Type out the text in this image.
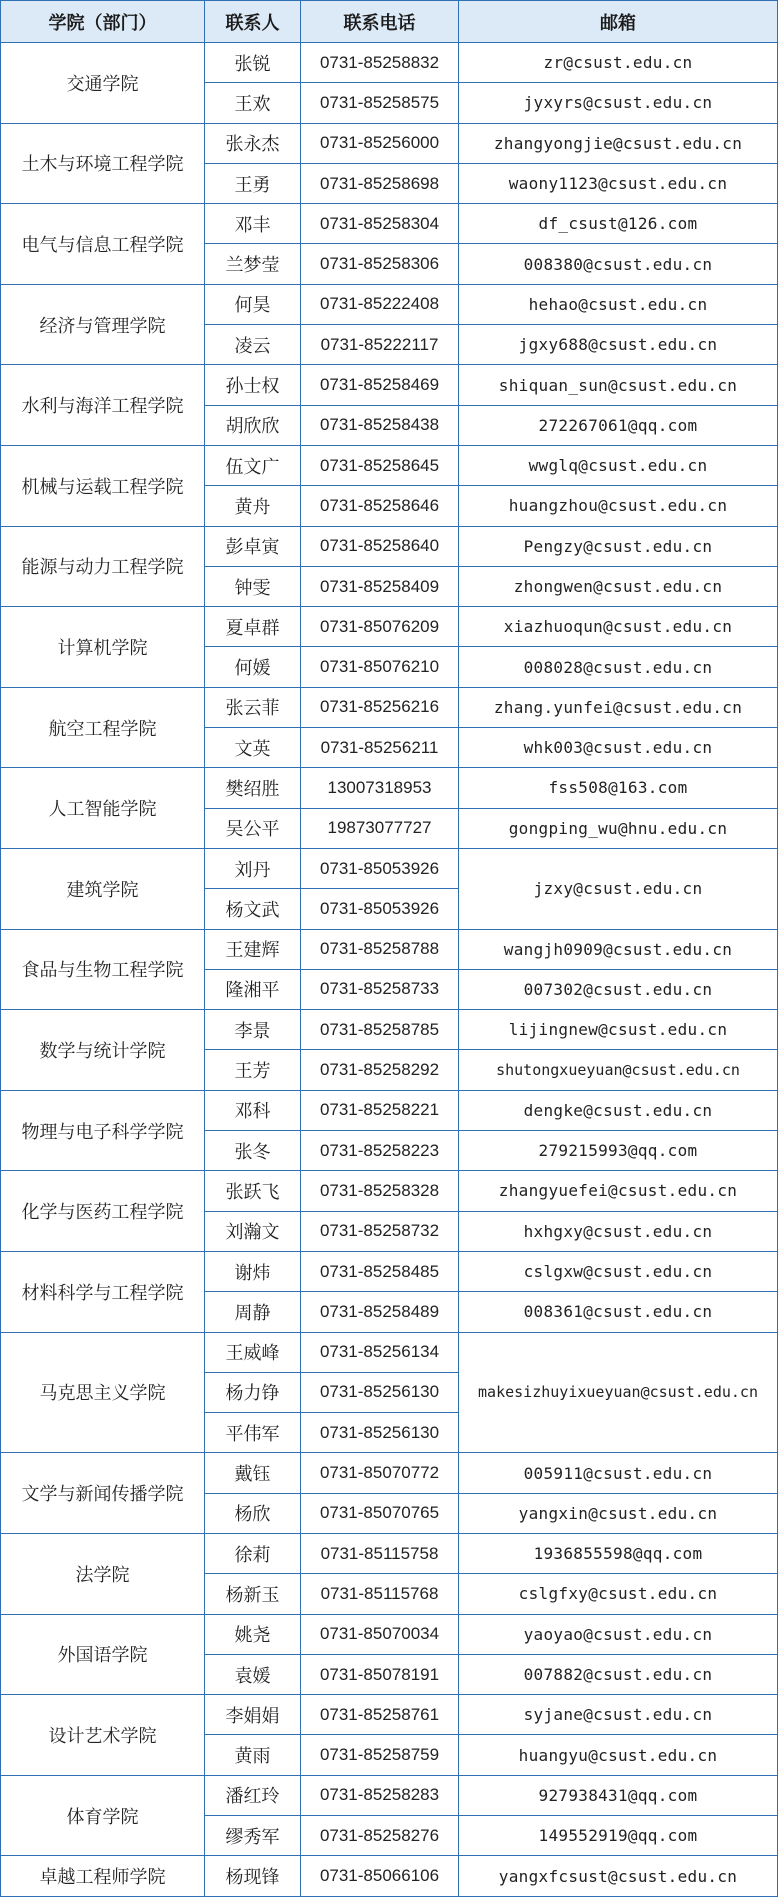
学院（部门）	联系人	联系电话	邮箱
交通学院	张锐	0731-85258832	zr@csust.edu.cn
	王欢	0731-85258575	jyxyrs@csust.edu.cn
土木与环境工程学院	张永杰	0731-85256000	zhangyongjie@csust.edu.cn
	王勇	0731-85258698	waony1123@csust.edu.cn
电气与信息工程学院	邓丰	0731-85258304	df_csust@126.com
	兰梦莹	0731-85258306	008380@csust.edu.cn
经济与管理学院	何昊	0731-85222408	hehao@csust.edu.cn
	凌云	0731-85222117	jgxy688@csust.edu.cn
水利与海洋工程学院	孙士权	0731-85258469	shiquan_sun@csust.edu.cn
	胡欣欣	0731-85258438	272267061@qq.com
机械与运载工程学院	伍文广	0731-85258645	wwglq@csust.edu.cn
	黄舟	0731-85258646	huangzhou@csust.edu.cn
能源与动力工程学院	彭卓寅	0731-85258640	Pengzy@csust.edu.cn
	钟雯	0731-85258409	zhongwen@csust.edu.cn
计算机学院	夏卓群	0731-85076209	xiazhuoqun@csust.edu.cn
	何媛	0731-85076210	008028@csust.edu.cn
航空工程学院	张云菲	0731-85256216	zhang.yunfei@csust.edu.cn
	文英	0731-85256211	whk003@csust.edu.cn
人工智能学院	樊绍胜	13007318953	fss508@163.com
	吴公平	19873077727	gongping_wu@hnu.edu.cn
建筑学院	刘丹	0731-85053926	jzxy@csust.edu.cn
	杨文武	0731-85053926	
食品与生物工程学院	王建辉	0731-85258788	wangjh0909@csust.edu.cn
	隆湘平	0731-85258733	007302@csust.edu.cn
数学与统计学院	李景	0731-85258785	lijingnew@csust.edu.cn
	王芳	0731-85258292	shutongxueyuan@csust.edu.cn
物理与电子科学学院	邓科	0731-85258221	dengke@csust.edu.cn
	张冬	0731-85258223	279215993@qq.com
化学与医药工程学院	张跃飞	0731-85258328	zhangyuefei@csust.edu.cn
	刘瀚文	0731-85258732	hxhgxy@csust.edu.cn
材料科学与工程学院	谢炜	0731-85258485	cslgxw@csust.edu.cn
	周静	0731-85258489	008361@csust.edu.cn
马克思主义学院	王威峰	0731-85256134	makesizhuyixueyuan@csust.edu.cn
	杨力铮	0731-85256130	
	平伟军	0731-85256130	
文学与新闻传播学院	戴钰	0731-85070772	005911@csust.edu.cn
	杨欣	0731-85070765	yangxin@csust.edu.cn
法学院	徐莉	0731-85115758	1936855598@qq.com
	杨新玉	0731-85115768	cslgfxy@csust.edu.cn
外国语学院	姚尧	0731-85070034	yaoyao@csust.edu.cn
	袁媛	0731-85078191	007882@csust.edu.cn
设计艺术学院	李娟娟	0731-85258761	syjane@csust.edu.cn
	黄雨	0731-85258759	huangyu@csust.edu.cn
体育学院	潘红玲	0731-85258283	927938431@qq.com
	缪秀军	0731-85258276	149552919@qq.com
卓越工程师学院	杨现锋	0731-85066106	yangxfcsust@csust.edu.cn
